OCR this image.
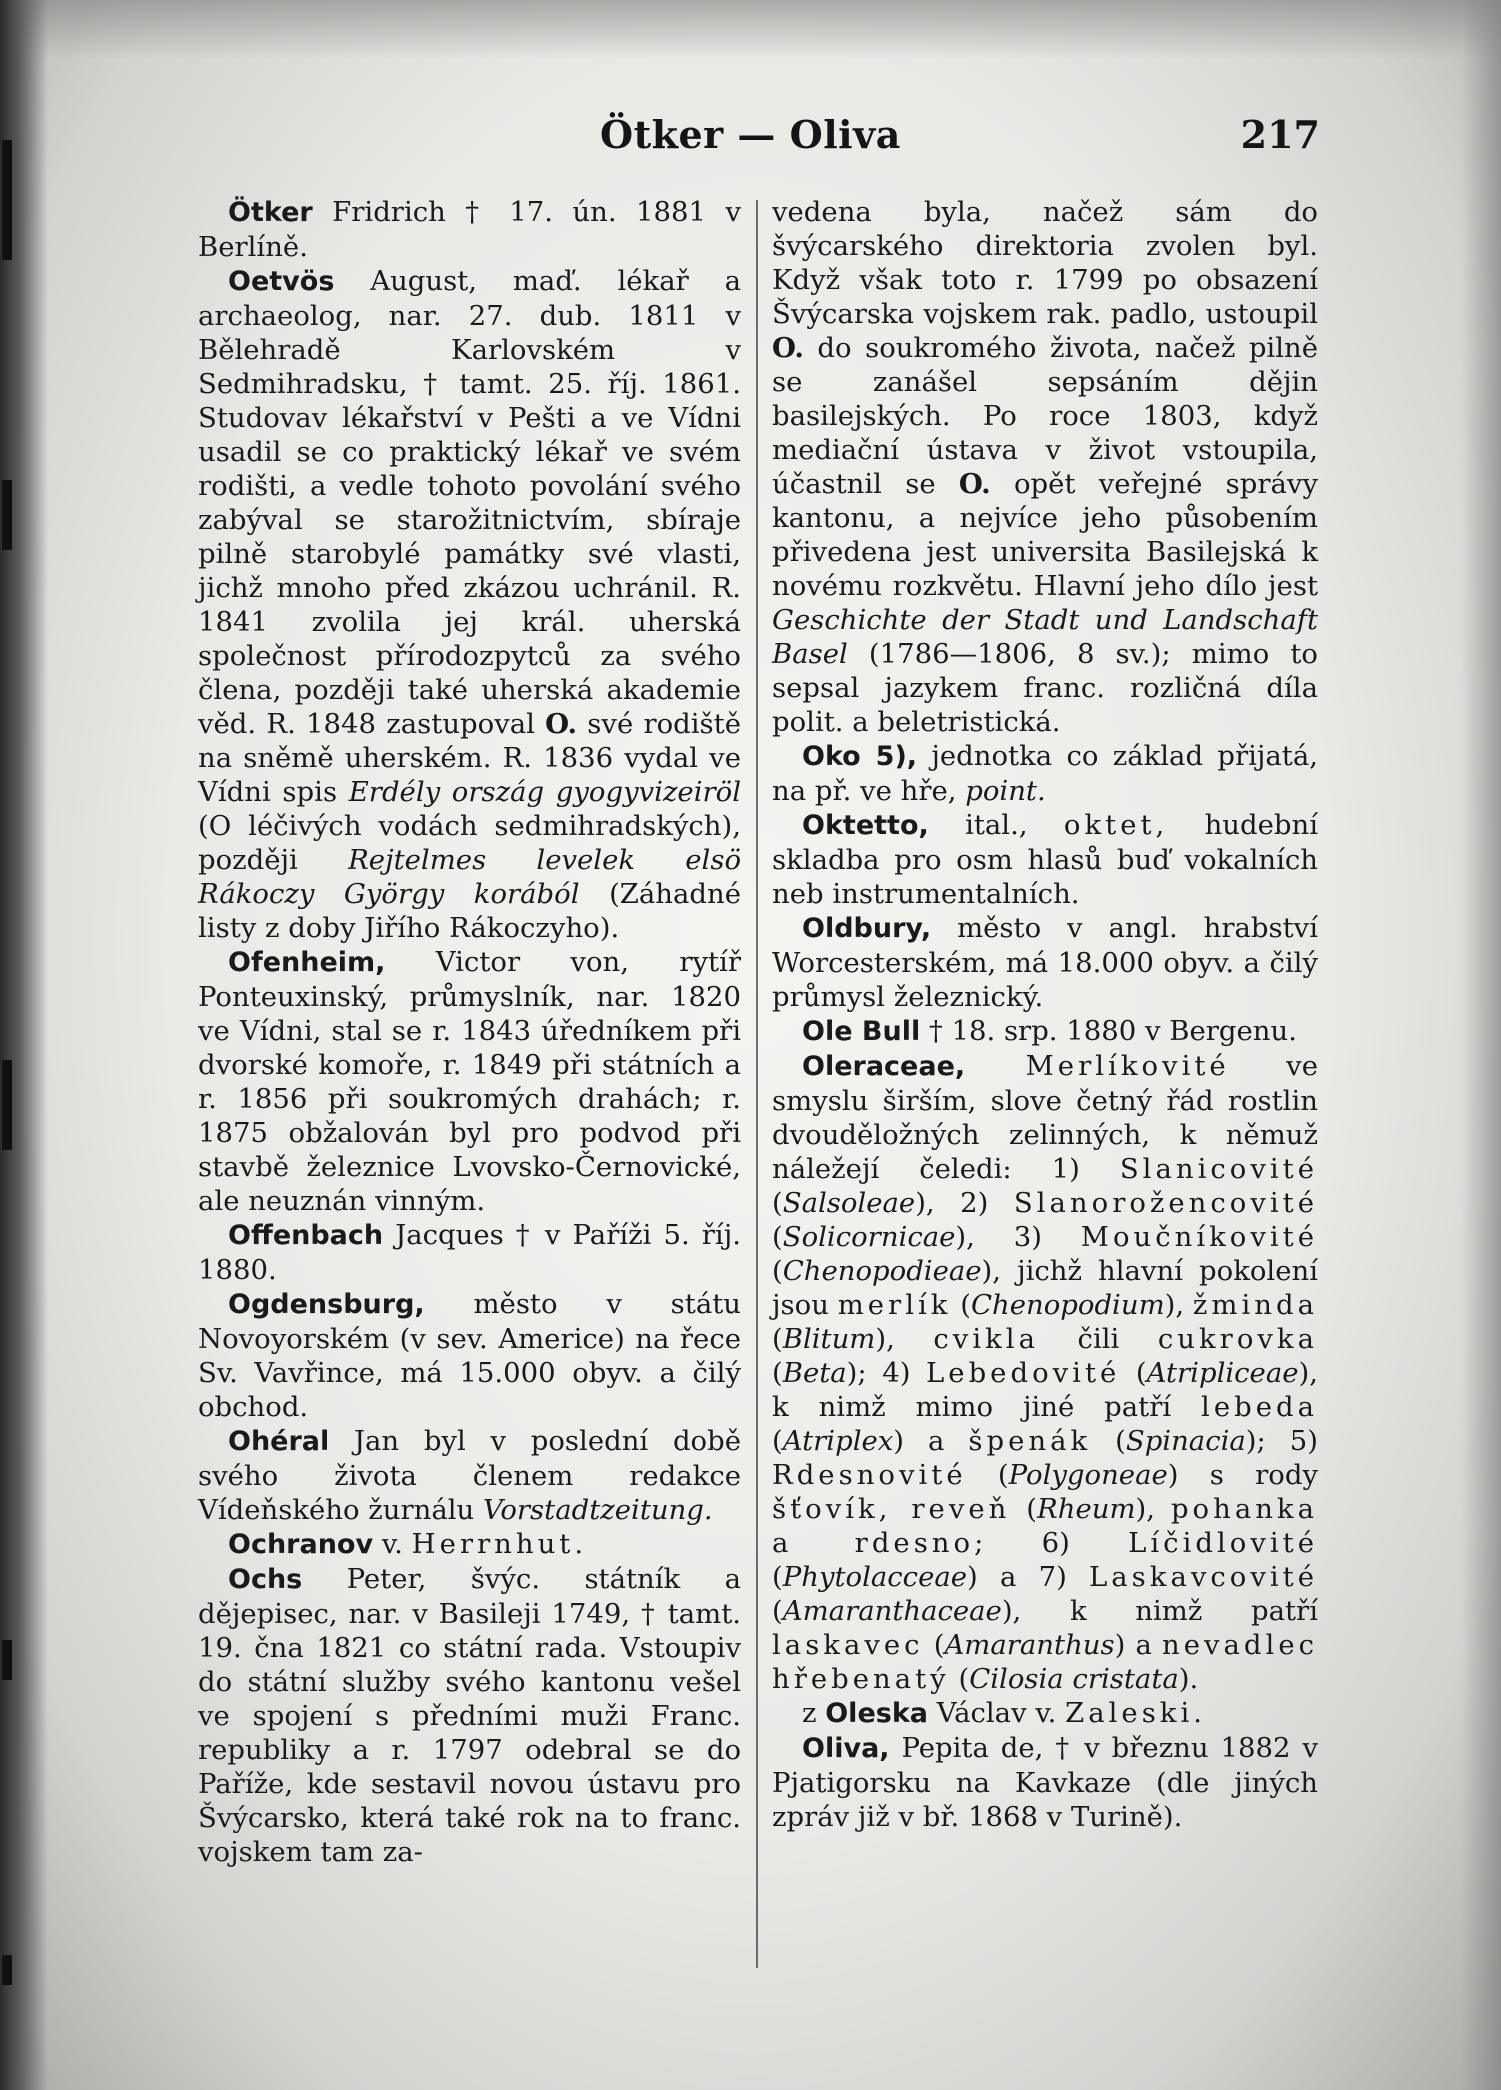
Ötker — Oliva	217

Ötker Fridrich † 17. ún. 1881 v Berlíně.

Oetvös August, maď. lékař a archaeolog, nar. 27. dub. 1811 v Bělehradě Karlovském v Sedmihradsku, † tamt. 25. říj. 1861. Studovav lékařství v Pešti a ve Vídni usadil se co praktický lékař ve svém rodišti, a vedle tohoto povolání svého zabýval se starožitnictvím, sbíraje pilně starobylé památky své vlasti, jichž mnoho před zkázou uchránil. R. 1841 zvolila jej král. uherská společnost přírodozpytců za svého člena, později také uherská akademie věd. R. 1848 zastupoval O. své rodiště na sněmě uherském. R. 1836 vydal ve Vídni spis Erdély ország gyogyvizeiröl (O léčivých vodách sedmihradských), později Rejtelmes levelek elsö Rákoczy György korából (Záhadné listy z doby Jiřího Rákoczyho).

Ofenheim, Victor von, rytíř Ponteuxinský, průmyslník, nar. 1820 ve Vídni, stal se r. 1843 úředníkem při dvorské komoře, r. 1849 při státních a r. 1856 při soukromých drahách; r. 1875 obžalován byl pro podvod při stavbě železnice Lvovsko-Černovické, ale neuznán vinným.

Offenbach Jacques † v Paříži 5. říj. 1880.

Ogdensburg, město v státu Novoyorském (v sev. Americe) na řece Sv. Vavřince, má 15.000 obyv. a čilý obchod.

Ohéral Jan byl v poslední době svého života členem redakce Vídeňského žurnálu Vorstadtzeitung.

Ochranov v. Herrnhut.

Ochs Peter, švýc. státník a dějepisec, nar. v Basileji 1749, † tamt. 19. čna 1821 co státní rada. Vstoupiv do státní služby svého kantonu vešel ve spojení s předními muži Franc. republiky a r. 1797 odebral se do Paříže, kde sestavil novou ústavu pro Švýcarsko, která také rok na to franc. vojskem tam za-

vedena byla, načež sám do švýcarského direktoria zvolen byl. Když však toto r. 1799 po obsazení Švýcarska vojskem rak. padlo, ustoupil O. do soukromého života, načež pilně se zanášel sepsáním dějin basilejských. Po roce 1803, když mediační ústava v život vstoupila, účastnil se O. opět veřejné správy kantonu, a nejvíce jeho působením přivedena jest universita Basilejská k novému rozkvětu. Hlavní jeho dílo jest Geschichte der Stadt und Landschaft Basel (1786—1806, 8 sv.); mimo to sepsal jazykem franc. rozličná díla polit. a beletristická.

Oko 5), jednotka co základ přijatá, na př. ve hře, point.

Oktetto, ital., oktet, hudební skladba pro osm hlasů buď vokalních neb instrumentalních.

Oldbury, město v angl. hrabství Worcesterském, má 18.000 obyv. a čilý průmysl železnický.

Ole Bull † 18. srp. 1880 v Bergenu.

Oleraceae, Merlíkovité ve smyslu širším, slove četný řád rostlin dvouděložných zelinných, k němuž náležejí čeledi: 1) Slanicovité (Salsoleae), 2) Slanorožencovité (Solicornicae), 3) Moučníkovité (Chenopodieae), jichž hlavní pokolení jsou merlík (Chenopodium), žminda (Blitum), cvikla čili cukrovka (Beta); 4) Lebedovité (Atripliceae), k nimž mimo jiné patří lebeda (Atriplex) a špenák (Spinacia); 5) Rdesnovité (Polygoneae) s rody šťovík, reveň (Rheum), pohanka a rdesno; 6) Líčidlovité (Phytolacceae) a 7) Laskavcovité (Amaranthaceae), k nimž patří laskavec (Amaranthus) a nevadlec hřebenatý (Cilosia cristata).

z Oleska Václav v. Zaleski.

Oliva, Pepita de, † v březnu 1882 v Pjatigorsku na Kavkaze (dle jiných zpráv již v bř. 1868 v Turině).
